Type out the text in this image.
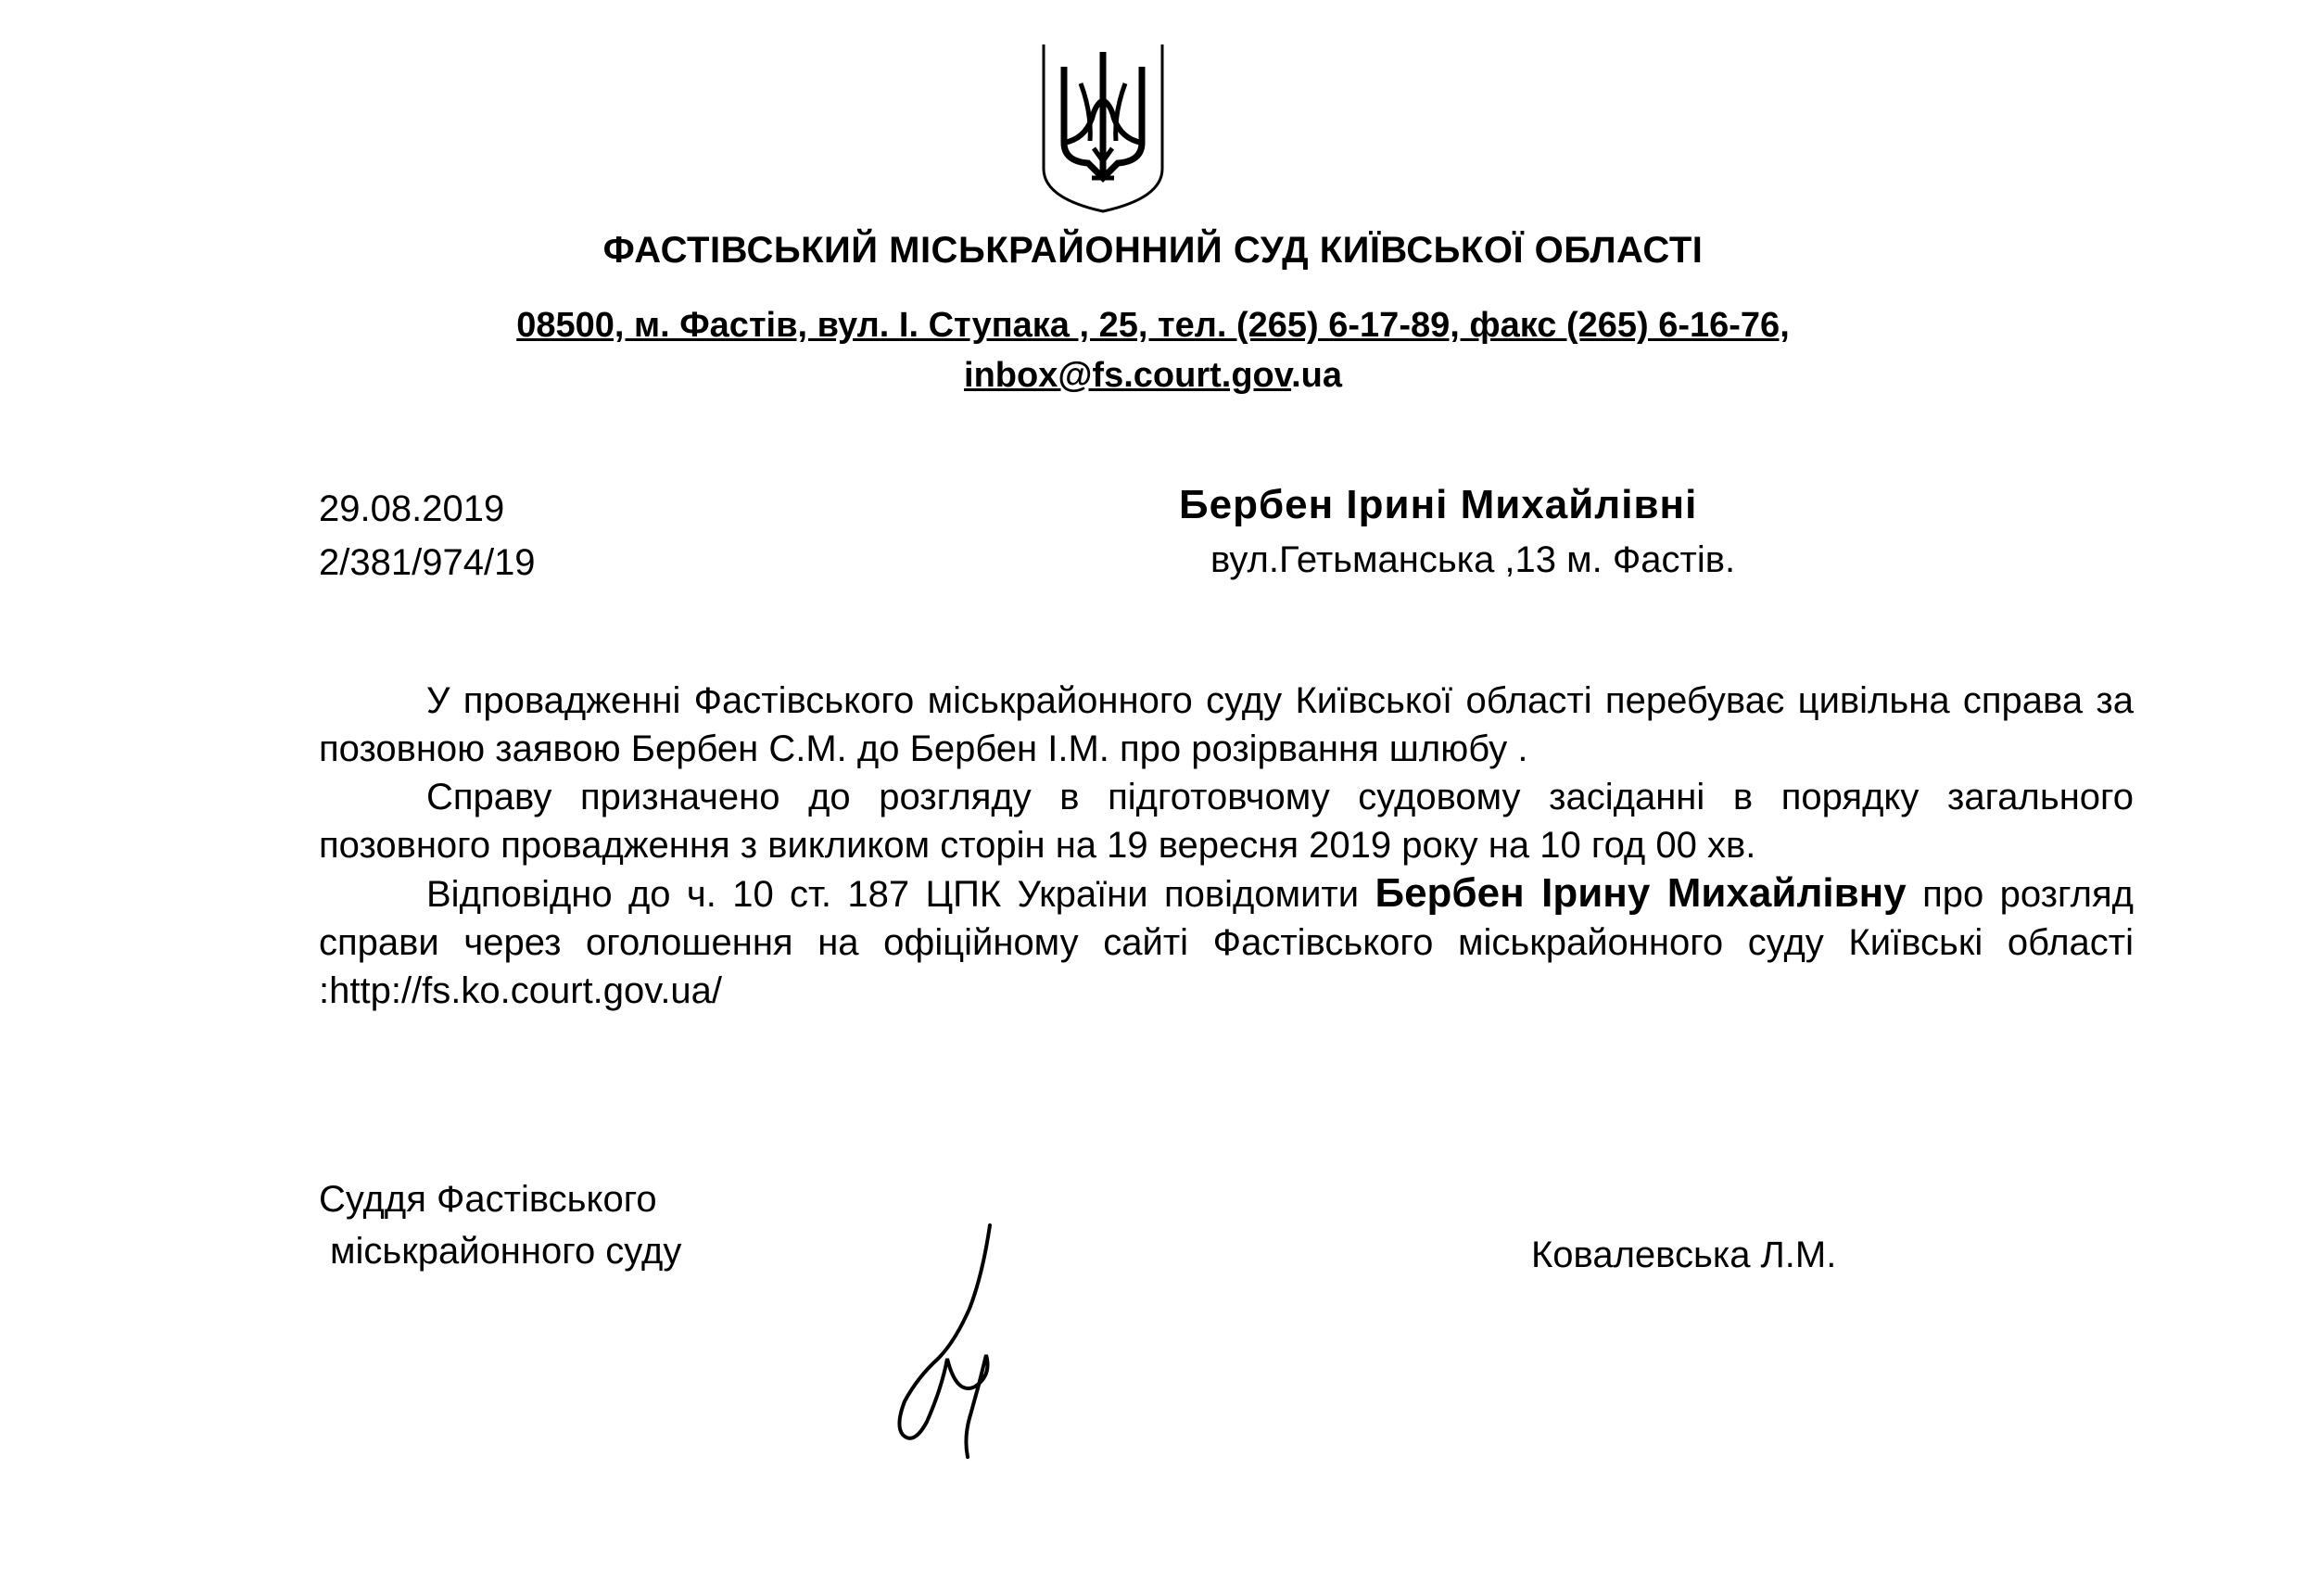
ФАСТІВСЬКИЙ МІСЬКРАЙОННИЙ СУД КИЇВСЬКОЇ ОБЛАСТІ
08500, м. Фастів, вул. І. Ступака , 25, тел. (265) 6-17-89, факс (265) 6-16-76,
inbox@fs.court.gov.ua
29.08.2019
2/381/974/19
Бербен Ірині Михайлівні
вул.Гетьманська ,13 м. Фастів.

У провадженні Фастівського міськрайонного суду Київської області перебуває цивільна справа за позовною заявою Бербен С.М. до Бербен І.М. про розірвання шлюбу .

Справу призначено до розгляду в підготовчому судовому засіданні в порядку загального позовного провадження з викликом сторін на 19 вересня 2019 року на 10 год 00 хв.

Відповідно до ч. 10 ст. 187 ЦПК України повідомити Бербен Ірину Михайлівну про розгляд справи через оголошення на офіційному сайті Фастівського міськрайонного суду Київські області :http://fs.ko.court.gov.ua/

Суддя Фастівського
міськрайонного суду	Ковалевська Л.М.
